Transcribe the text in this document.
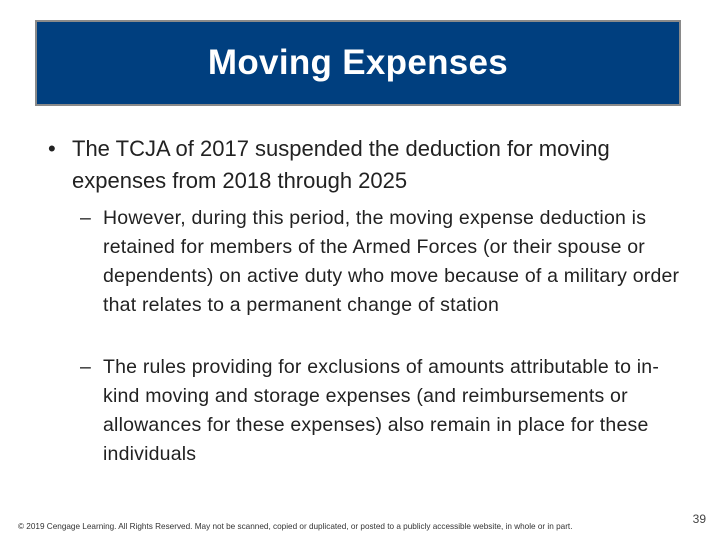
Moving Expenses
• The TCJA of 2017 suspended the deduction for moving expenses from 2018 through 2025
– However, during this period, the moving expense deduction is retained for members of the Armed Forces (or their spouse or dependents) on active duty who move because of a military order that relates to a permanent change of station
– The rules providing for exclusions of amounts attributable to in-kind moving and storage expenses (and reimbursements or allowances for these expenses) also remain in place for these individuals
© 2019 Cengage Learning. All Rights Reserved. May not be scanned, copied or duplicated, or posted to a publicly accessible website, in whole or in part.
39
